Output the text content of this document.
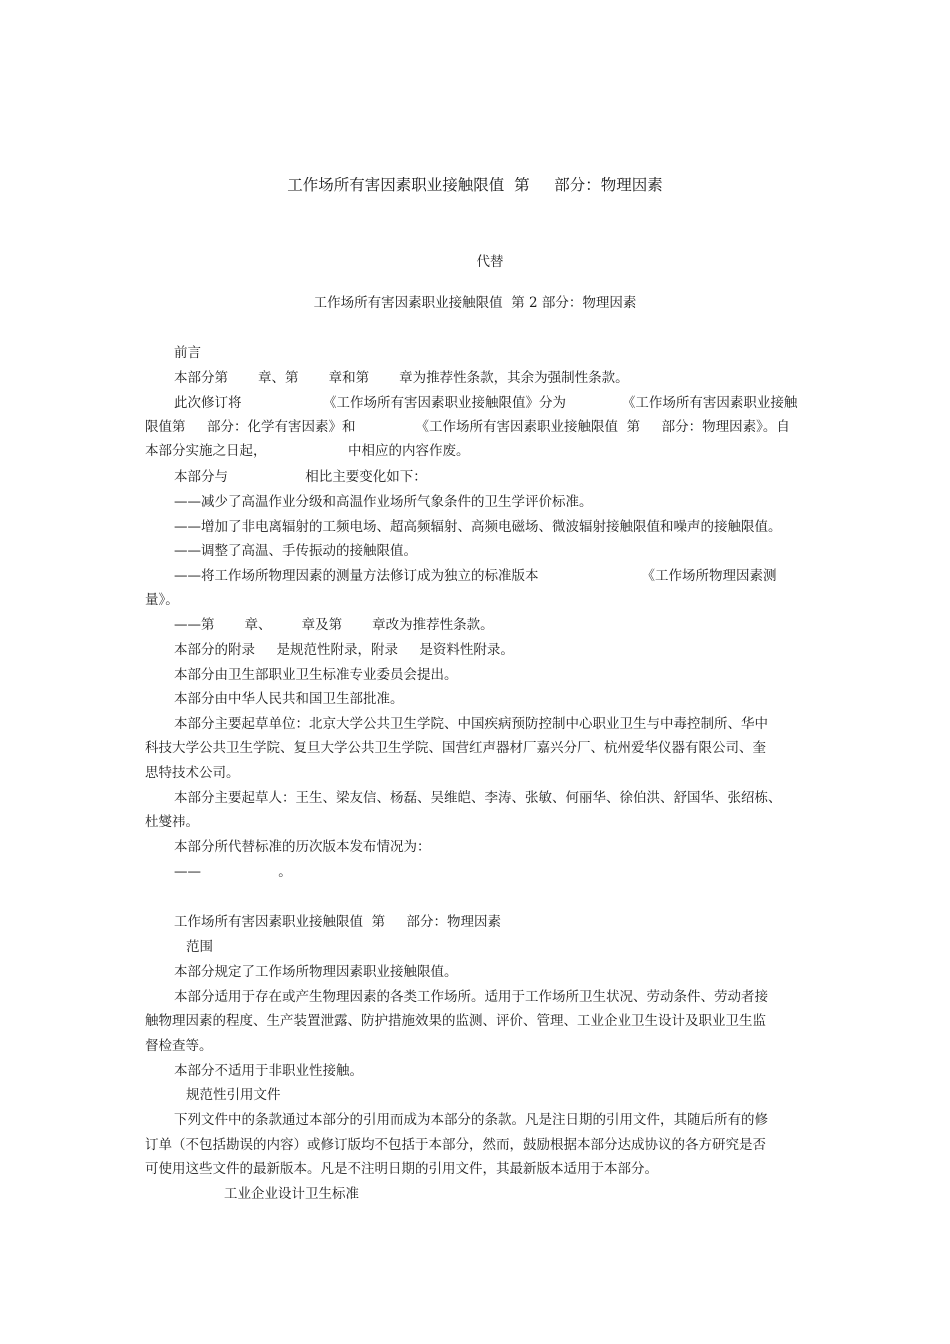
工作场所有害因素职业接触限值  第     部分：物理因素
代替
工作场所有害因素职业接触限值  第 2 部分：物理因素
前言
本部分第       章、第       章和第       章为推荐性条款，其余为强制性条款。
此次修订将                   《工作场所有害因素职业接触限值》分为             《工作场所有害因素职业接触
限值第     部分：化学有害因素》和              《工作场所有害因素职业接触限值  第     部分：物理因素》。自
本部分实施之日起，                   中相应的内容作废。
本部分与                  相比主要变化如下：
——减少了高温作业分级和高温作业场所气象条件的卫生学评价标准。
——增加了非电离辐射的工频电场、超高频辐射、高频电磁场、微波辐射接触限值和噪声的接触限值。
——调整了高温、手传振动的接触限值。
——将工作场所物理因素的测量方法修订成为独立的标准版本                        《工作场所物理因素测
量》。
——第       章、       章及第       章改为推荐性条款。
本部分的附录     是规范性附录，附录     是资料性附录。
本部分由卫生部职业卫生标准专业委员会提出。
本部分由中华人民共和国卫生部批准。
本部分主要起草单位：北京大学公共卫生学院、中国疾病预防控制中心职业卫生与中毒控制所、华中
科技大学公共卫生学院、复旦大学公共卫生学院、国营红声器材厂嘉兴分厂、杭州爱华仪器有限公司、奎
思特技术公司。
本部分主要起草人：王生、梁友信、杨磊、吴维皑、李涛、张敏、何丽华、徐伯洪、舒国华、张绍栋、
杜燮祎。
本部分所代替标准的历次版本发布情况为：
——                  。
工作场所有害因素职业接触限值  第     部分：物理因素
范围
本部分规定了工作场所物理因素职业接触限值。
本部分适用于存在或产生物理因素的各类工作场所。适用于工作场所卫生状况、劳动条件、劳动者接
触物理因素的程度、生产装置泄露、防护措施效果的监测、评价、管理、工业企业卫生设计及职业卫生监
督检查等。
本部分不适用于非职业性接触。
规范性引用文件
下列文件中的条款通过本部分的引用而成为本部分的条款。凡是注日期的引用文件，其随后所有的修
订单（不包括勘误的内容）或修订版均不包括于本部分，然而，鼓励根据本部分达成协议的各方研究是否
可使用这些文件的最新版本。凡是不注明日期的引用文件，其最新版本适用于本部分。
工业企业设计卫生标准
